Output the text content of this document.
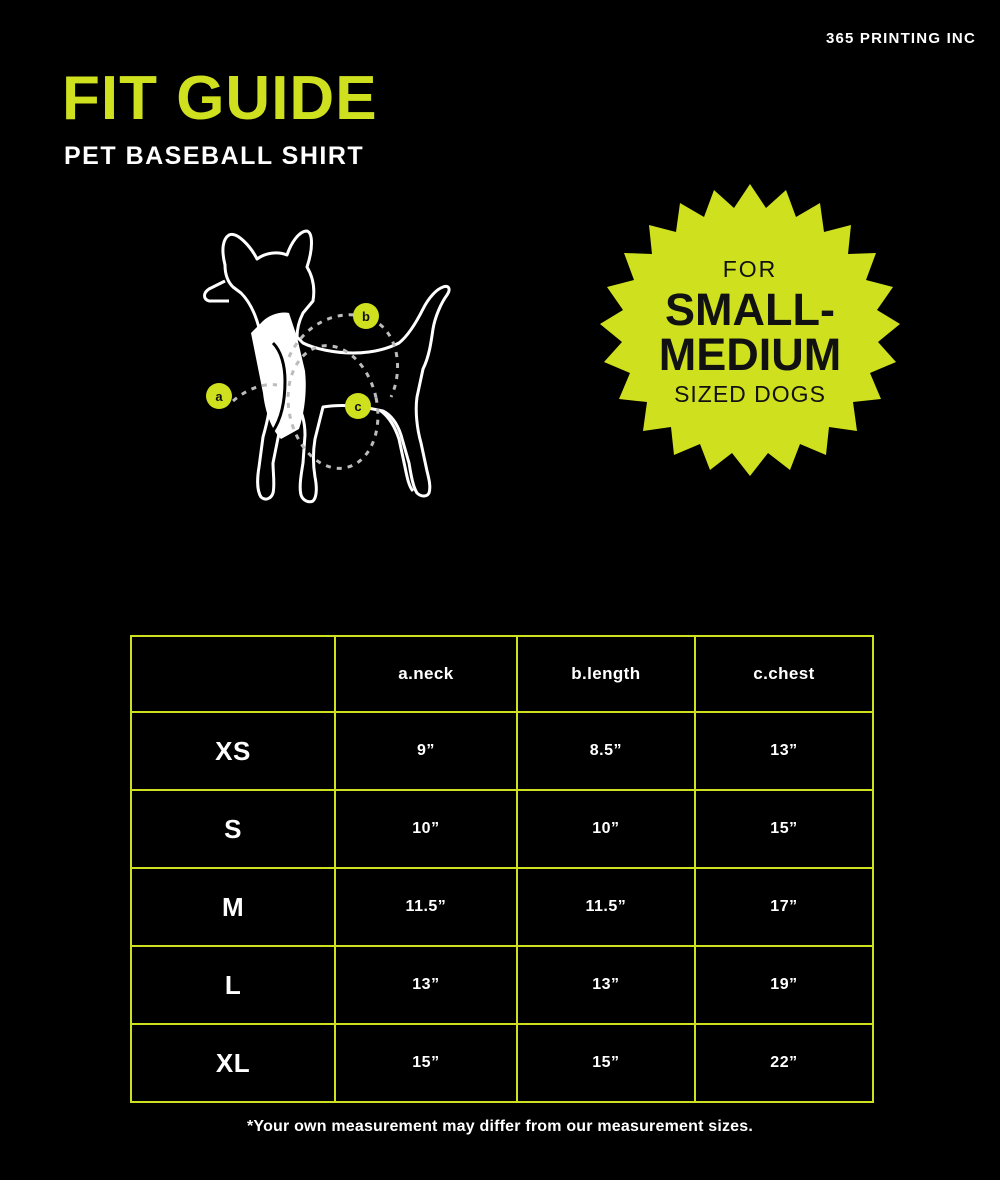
365 PRINTING INC
FIT GUIDE
PET BASEBALL SHIRT
a
b
c
FOR
SMALL-
MEDIUM
SIZED DOGS
	a.neck	b.length	c.chest
XS	9”	8.5”	13”
S	10”	10”	15”
M	11.5”	11.5”	17”
L	13”	13”	19”
XL	15”	15”	22”
*Your own measurement may differ from our measurement sizes.
